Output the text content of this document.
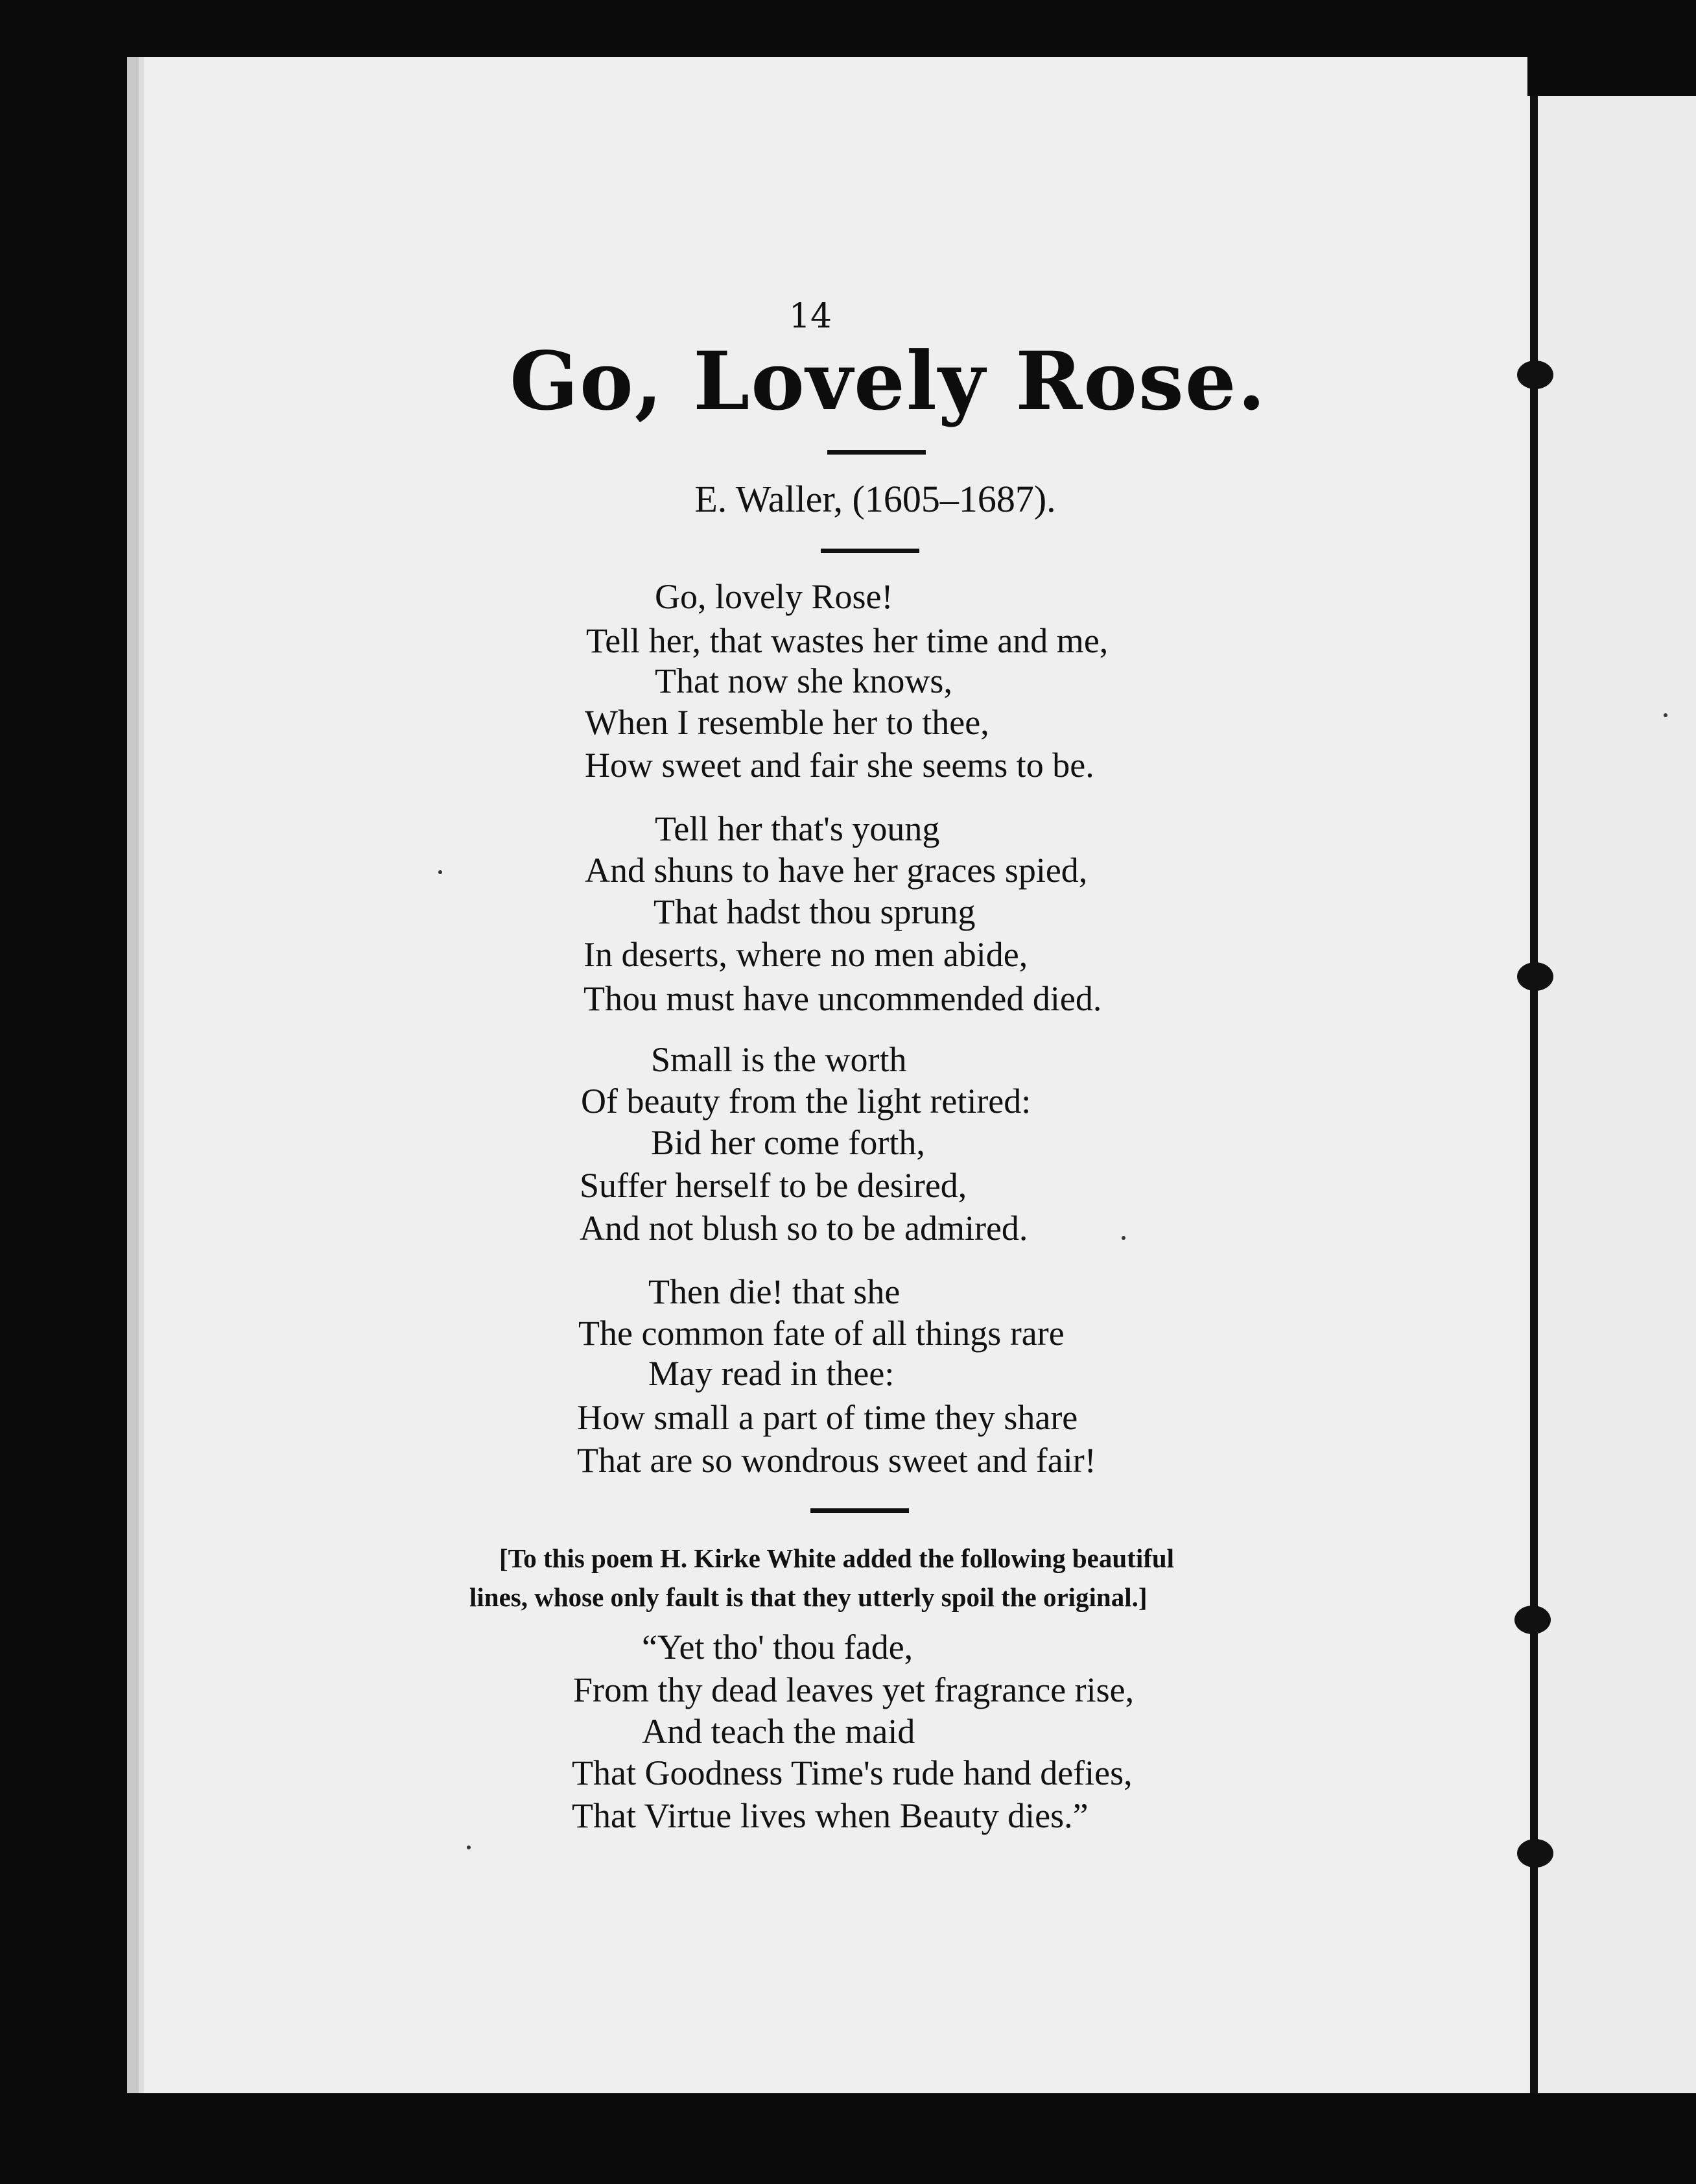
14
Go, Lovely Rose.
E. Waller, (1605–1687).
Go, lovely Rose!
Tell her, that wastes her time and me,
That now she knows,
When I resemble her to thee,
How sweet and fair she seems to be.
Tell her that's young
And shuns to have her graces spied,
That hadst thou sprung
In deserts, where no men abide,
Thou must have uncommended died.
Small is the worth
Of beauty from the light retired:
Bid her come forth,
Suffer herself to be desired,
And not blush so to be admired.
Then die! that she
The common fate of all things rare
May read in thee:
How small a part of time they share
That are so wondrous sweet and fair!
[To this poem H. Kirke White added the following beautiful
lines, whose only fault is that they utterly spoil the original.]
“Yet tho' thou fade,
From thy dead leaves yet fragrance rise,
And teach the maid
That Goodness Time's rude hand defies,
That Virtue lives when Beauty dies.”
